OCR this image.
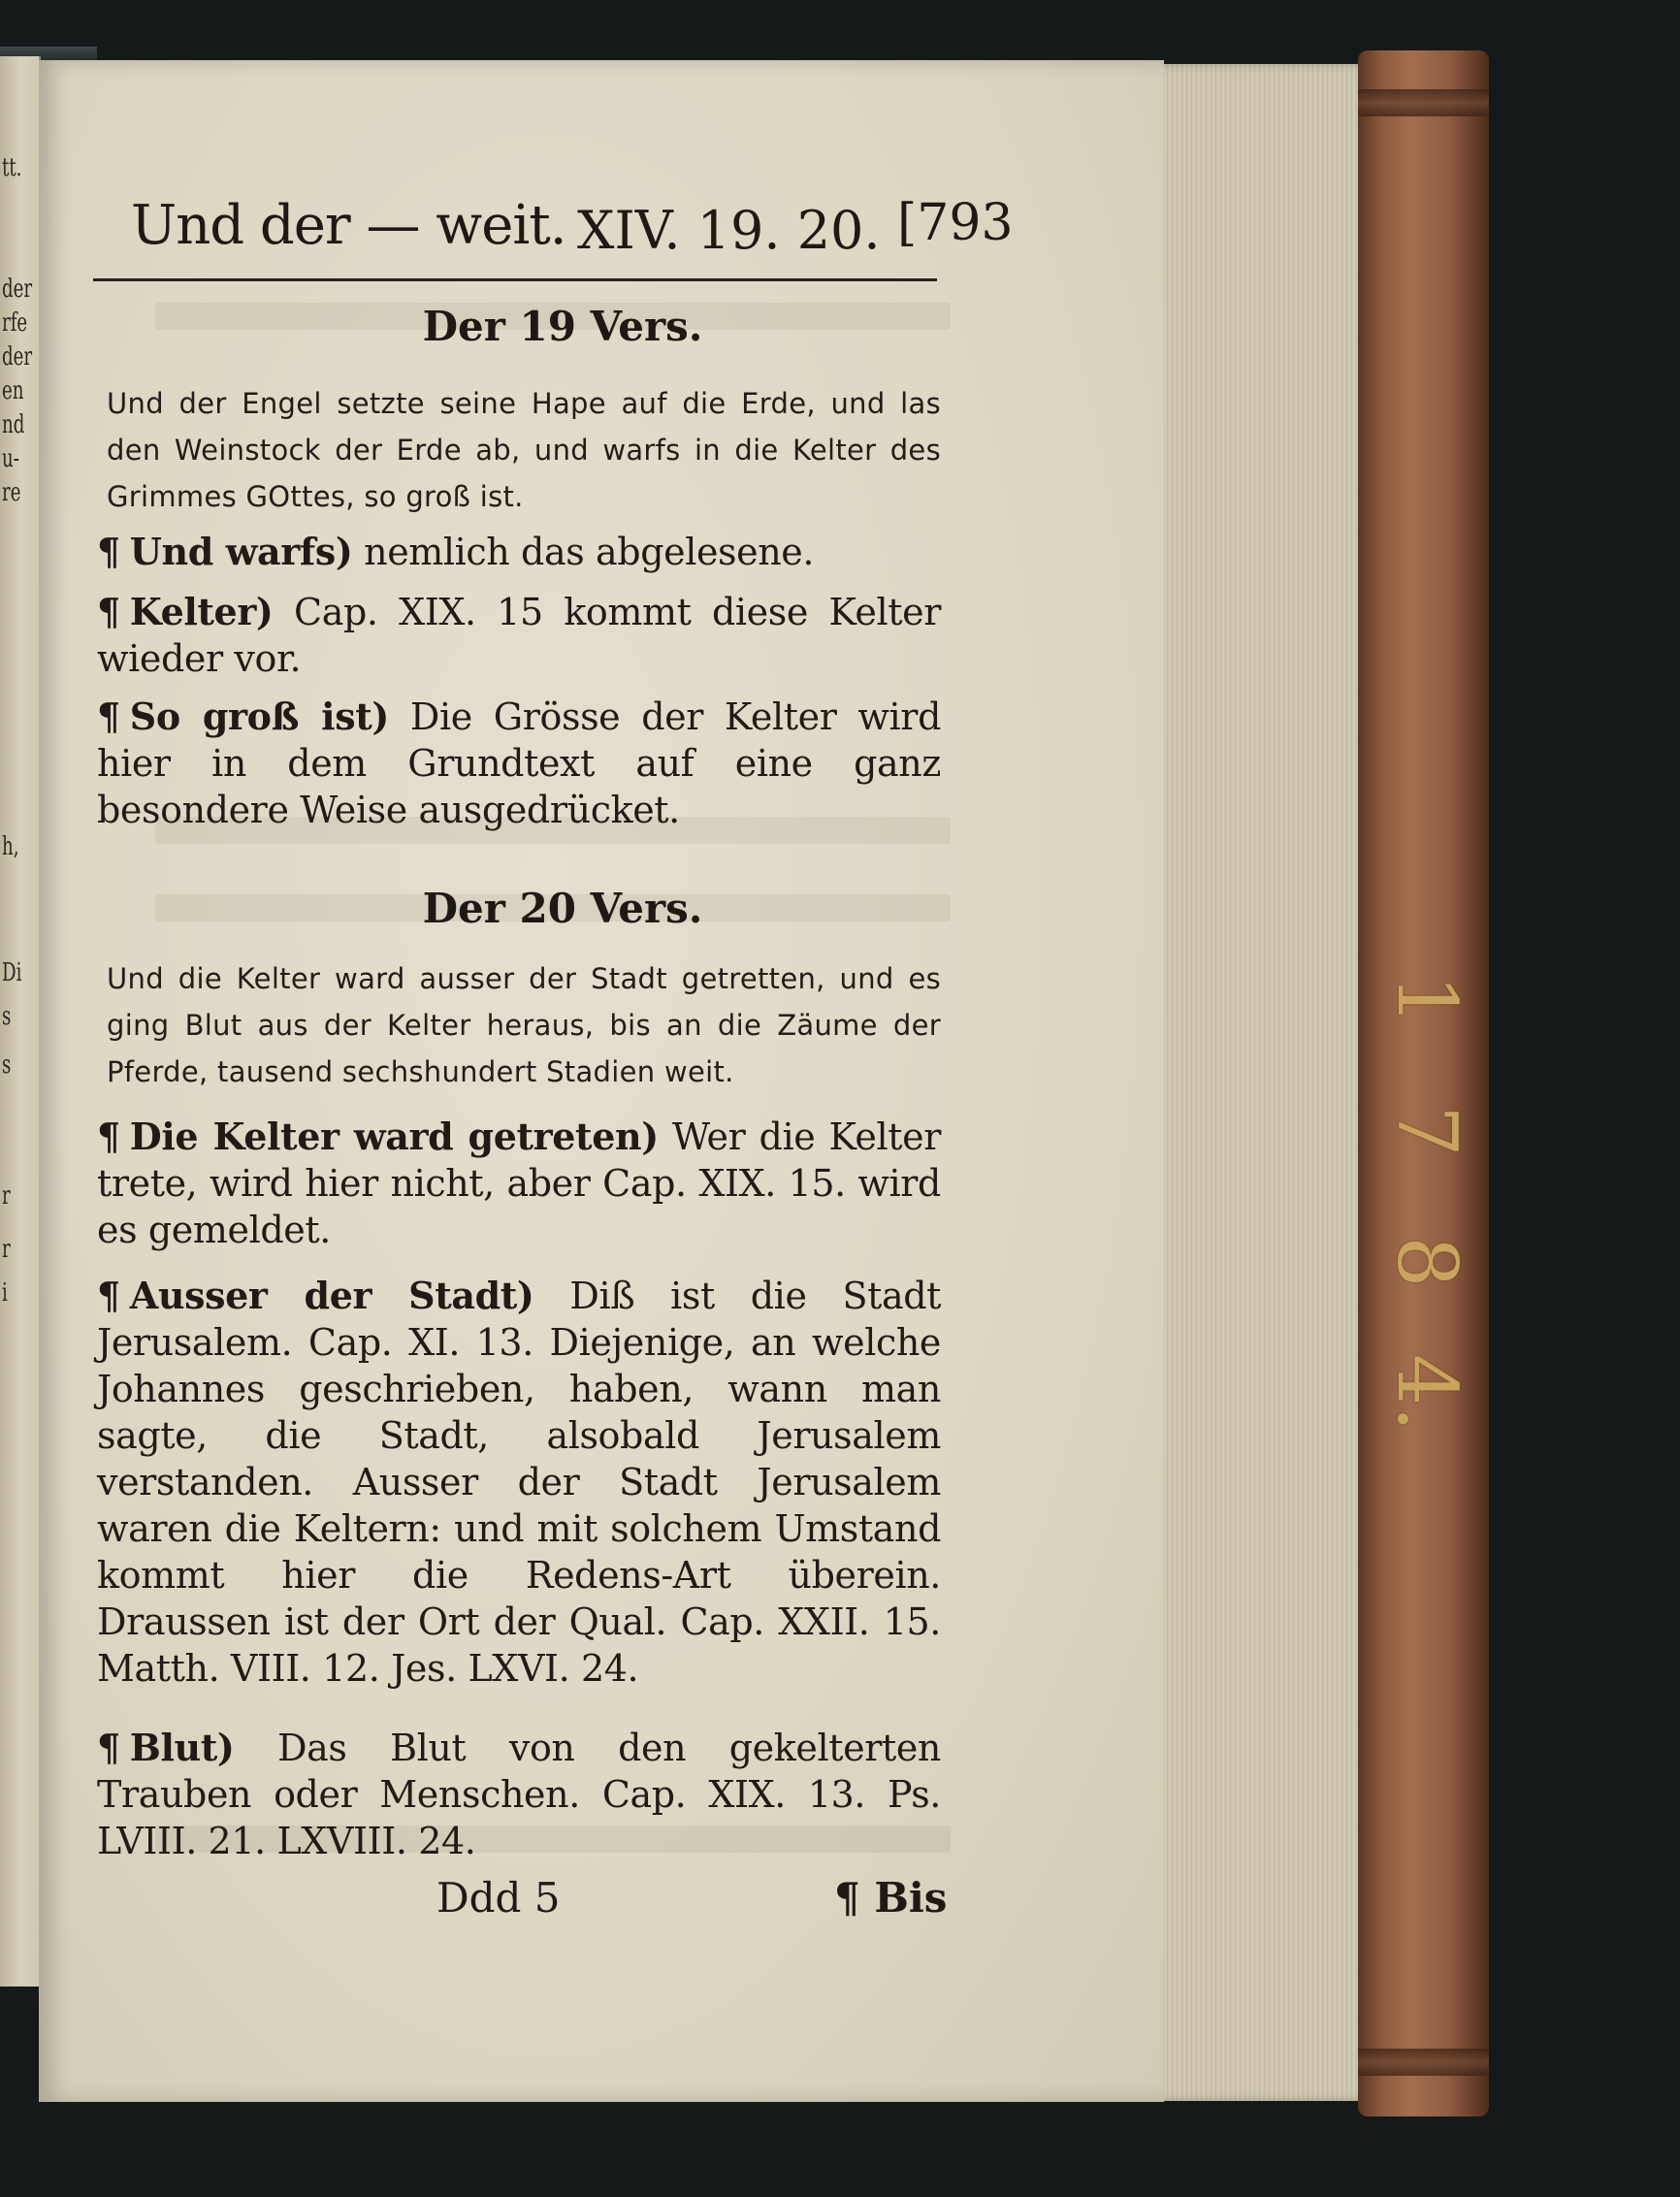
tt.
der
rfe
der
en
nd
u-
re
h,
Di
s
s
r
r
i
1
7
8
4.
Und der — weit. XIV. 19. 20. [793
Der 19 Vers.
Und der Engel setzte seine Hape auf die Erde, und las den Weinstock der Erde ab, und warfs in die Kelter des Grimmes GOttes, so groß ist.
¶ Und warfs) nemlich das abgelesene.
¶ Kelter) Cap. XIX. 15 kommt diese Kelter wieder vor.
¶ So groß ist) Die Grösse der Kelter wird hier in dem Grundtext auf eine ganz besondere Weise ausgedrücket.
Der 20 Vers.
Und die Kelter ward ausser der Stadt getretten, und es ging Blut aus der Kelter heraus, bis an die Zäume der Pferde, tausend sechshundert Stadien weit.
¶ Die Kelter ward getreten) Wer die Kelter trete, wird hier nicht, aber Cap. XIX. 15. wird es gemeldet.
¶ Ausser der Stadt) Diß ist die Stadt Jerusalem. Cap. XI. 13. Diejenige, an welche Johannes geschrieben, haben, wann man sagte, die Stadt, alsobald Jerusalem verstanden. Ausser der Stadt Jerusalem waren die Keltern: und mit solchem Umstand kommt hier die Redens-Art überein. Draussen ist der Ort der Qual. Cap. XXII. 15. Matth. VIII. 12. Jes. LXVI. 24.
¶ Blut) Das Blut von den gekelterten Trauben oder Menschen. Cap. XIX. 13. Ps. LVIII. 21. LXVIII. 24.
Ddd 5	¶ Bis
